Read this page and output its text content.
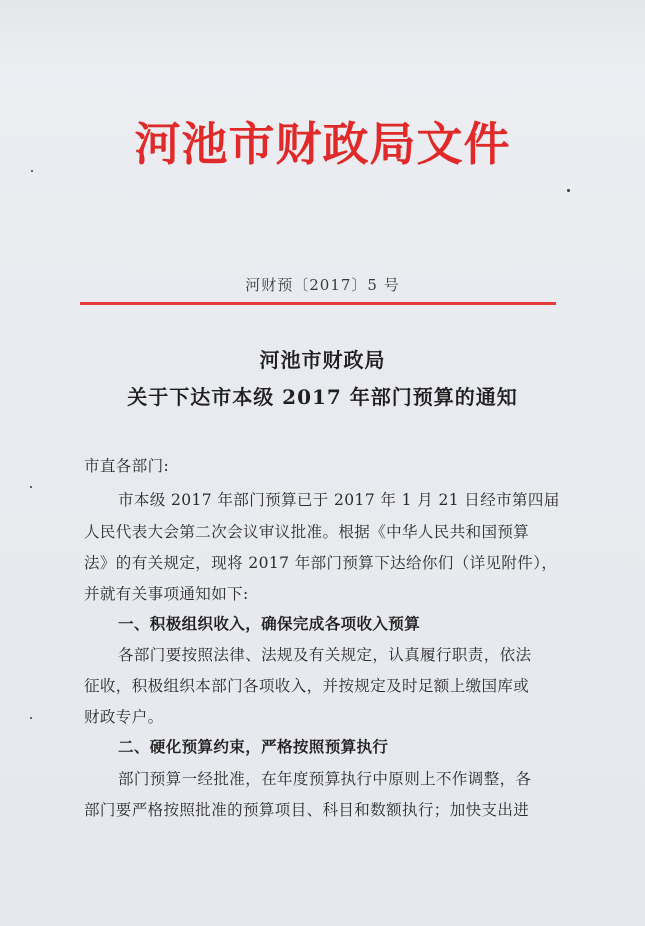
河池市财政局文件
河财预〔2017〕5 号
河池市财政局
关于下达市本级 2017 年部门预算的通知
市直各部门:
市本级 2017 年部门预算已于 2017 年 1 月 21 日经市第四届
人民代表大会第二次会议审议批准。根据《中华人民共和国预算
法》的有关规定，现将 2017 年部门预算下达给你们（详见附件），
并就有关事项通知如下:
一、积极组织收入，确保完成各项收入预算
各部门要按照法律、法规及有关规定，认真履行职责，依法
征收，积极组织本部门各项收入，并按规定及时足额上缴国库或
财政专户。
二、硬化预算约束，严格按照预算执行
部门预算一经批准，在年度预算执行中原则上不作调整，各
部门要严格按照批准的预算项目、科目和数额执行；加快支出进
